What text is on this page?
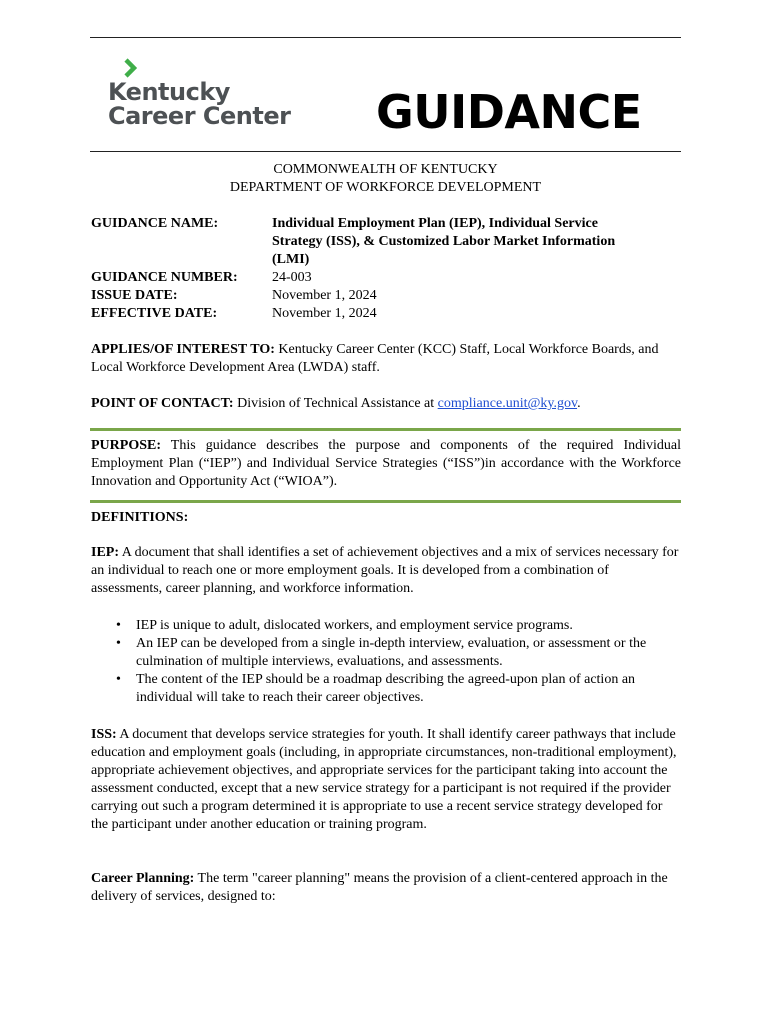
Kentucky
Career Center GUIDANCE
COMMONWEALTH OF KENTUCKY
DEPARTMENT OF WORKFORCE DEVELOPMENT
GUIDANCE NAME:	Individual Employment Plan (IEP), Individual Service
Strategy (ISS), & Customized Labor Market Information
(LMI)
GUIDANCE NUMBER: 24-003
ISSUE DATE:	November 1, 2024
EFFECTIVE DATE:	November 1, 2024
APPLIES/OF INTEREST TO: Kentucky Career Center (KCC) Staff, Local Workforce Boards, and Local Workforce Development Area (LWDA) staff.
POINT OF CONTACT: Division of Technical Assistance at compliance.unit@ky.gov.
PURPOSE: This guidance describes the purpose and components of the required Individual Employment Plan (“IEP”) and Individual Service Strategies (“ISS”)in accordance with the Workforce Innovation and Opportunity Act (“WIOA”).
DEFINITIONS:
IEP: A document that shall identifies a set of achievement objectives and a mix of services necessary for an individual to reach one or more employment goals. It is developed from a combination of assessments, career planning, and workforce information.
• IEP is unique to adult, dislocated workers, and employment service programs.
• An IEP can be developed from a single in-depth interview, evaluation, or assessment or the culmination of multiple interviews, evaluations, and assessments.
• The content of the IEP should be a roadmap describing the agreed-upon plan of action an individual will take to reach their career objectives.
ISS: A document that develops service strategies for youth. It shall identify career pathways that include education and employment goals (including, in appropriate circumstances, non-traditional employment), appropriate achievement objectives, and appropriate services for the participant taking into account the assessment conducted, except that a new service strategy for a participant is not required if the provider carrying out such a program determined it is appropriate to use a recent service strategy developed for the participant under another education or training program.
Career Planning: The term "career planning" means the provision of a client-centered approach in the delivery of services, designed to:
